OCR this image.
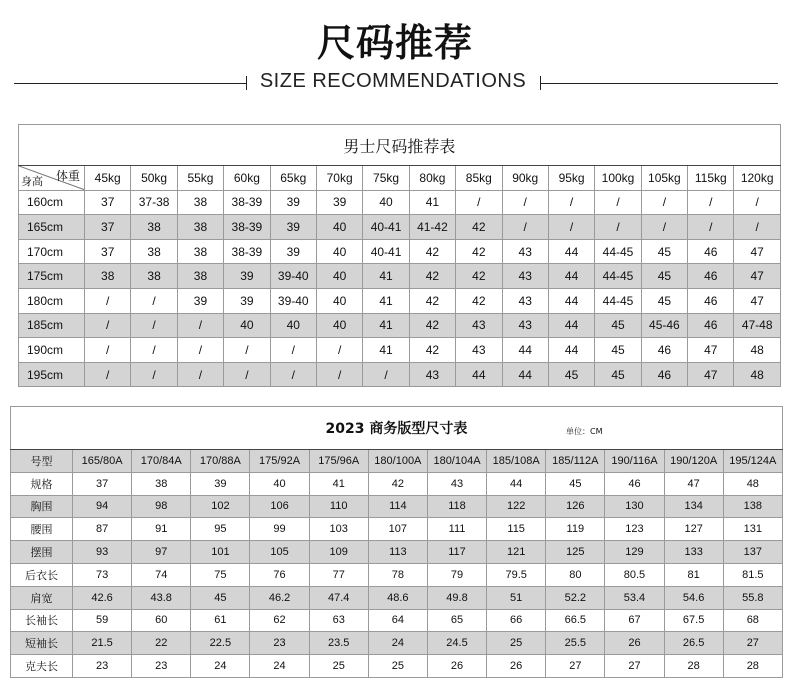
尺码推荐
SIZE RECOMMENDATIONS
男士尺码推荐表															

体重
身高	45kg	50kg	55kg	60kg	65kg	70kg	75kg	80kg	85kg	90kg	95kg	100kg	105kg	115kg	120kg
160cm	37	37-38	38	38-39	39	39	40	41	/	/	/	/	/	/	/
165cm	37	38	38	38-39	39	40	40-41	41-42	42	/	/	/	/	/	/
170cm	37	38	38	38-39	39	40	40-41	42	42	43	44	44-45	45	46	47
175cm	38	38	38	39	39-40	40	41	42	42	43	44	44-45	45	46	47
180cm	/	/	39	39	39-40	40	41	42	42	43	44	44-45	45	46	47
185cm	/	/	/	40	40	40	41	42	43	43	44	45	45-46	46	47-48
190cm	/	/	/	/	/	/	41	42	43	44	44	45	46	47	48
195cm	/	/	/	/	/	/	/	43	44	44	45	45	46	47	48
2023 商务版型尺寸表 单位：CM												

号型	165/80A	170/84A	170/88A	175/92A	175/96A	180/100A	180/104A	185/108A	185/112A	190/116A	190/120A	195/124A
规格	37	38	39	40	41	42	43	44	45	46	47	48
胸围	94	98	102	106	110	114	118	122	126	130	134	138
腰围	87	91	95	99	103	107	111	115	119	123	127	131
摆围	93	97	101	105	109	113	117	121	125	129	133	137
后衣长	73	74	75	76	77	78	79	79.5	80	80.5	81	81.5
肩宽	42.6	43.8	45	46.2	47.4	48.6	49.8	51	52.2	53.4	54.6	55.8
长袖长	59	60	61	62	63	64	65	66	66.5	67	67.5	68
短袖长	21.5	22	22.5	23	23.5	24	24.5	25	25.5	26	26.5	27
克夫长	23	23	24	24	25	25	26	26	27	27	28	28
